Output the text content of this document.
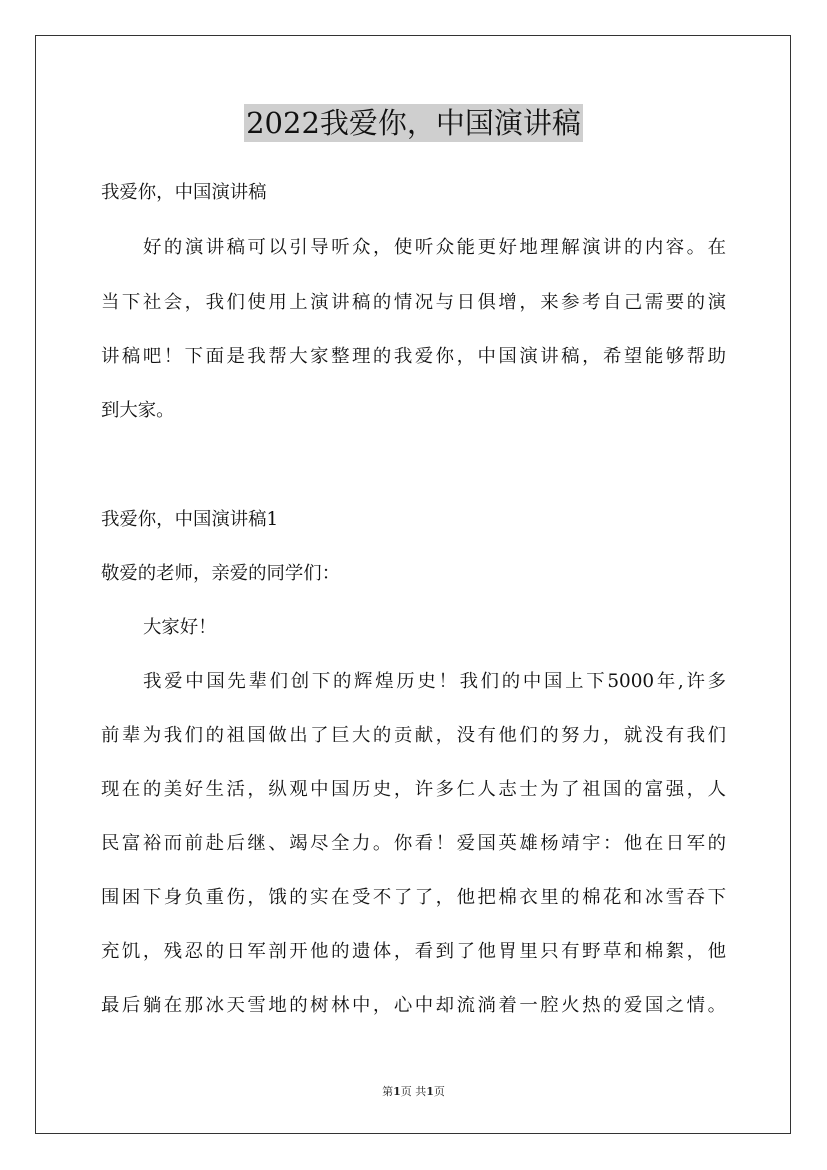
2022我爱你，中国演讲稿
我爱你，中国演讲稿
好的演讲稿可以引导听众，使听众能更好地理解演讲的内容。在
当下社会，我们使用上演讲稿的情况与日俱增，来参考自己需要的演
讲稿吧！下面是我帮大家整理的我爱你，中国演讲稿，希望能够帮助
到大家。
我爱你，中国演讲稿1
敬爱的老师，亲爱的同学们：
大家好！
我爱中国先辈们创下的辉煌历史！我们的中国上下5000年,许多
前辈为我们的祖国做出了巨大的贡献，没有他们的努力，就没有我们
现在的美好生活，纵观中国历史，许多仁人志士为了祖国的富强，人
民富裕而前赴后继、竭尽全力。你看！爱国英雄杨靖宇：他在日军的
围困下身负重伤，饿的实在受不了了，他把棉衣里的棉花和冰雪吞下
充饥，残忍的日军剖开他的遗体，看到了他胃里只有野草和棉絮，他
最后躺在那冰天雪地的树林中，心中却流淌着一腔火热的爱国之情。
第1页 共1页
